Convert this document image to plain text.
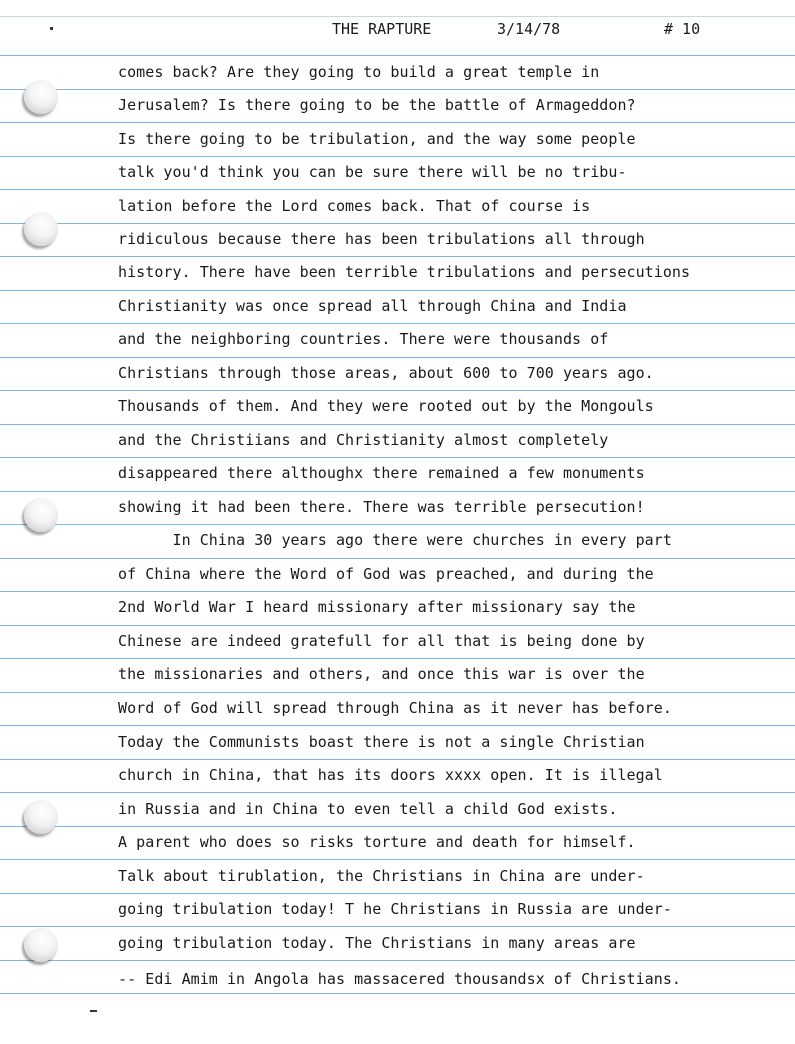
THE RAPTURE

	3/14/78

	# 10

comes back? Are they going to build a great temple in
Jerusalem? Is there going to be the battle of Armageddon?
Is there going to be tribulation, and the way some people
talk you'd think you can be sure there will be no tribu-
lation before the Lord comes back. That of course is
ridiculous because there has been tribulations all through
history. There have been terrible tribulations and persecutions
Christianity was once spread all through China and India
and the neighboring countries. There were thousands of
Christians through those areas, about 600 to 700 years ago.
Thousands of them. And they were rooted out by the Mongouls
and the Christiians and Christianity almost completely
disappeared there althoughx there remained a few monuments
showing it had been there. There was terrible persecution!
In China 30 years ago there were churches in every part
of China where the Word of God was preached, and during the
2nd World War I heard missionary after missionary say the
Chinese are indeed gratefull for all that is being done by
the missionaries and others, and once this war is over the
Word of God will spread through China as it never has before.
Today the Communists boast there is not a single Christian
church in China, that has its doors xxxx open. It is illegal
in Russia and in China to even tell a child God exists.
A parent who does so risks torture and death for himself.
Talk about tirublation, the Christians in China are under-
going tribulation today! T he Christians in Russia are under-
going tribulation today. The Christians in many areas are
-- Edi Amim in Angola has massacered thousandsx of Christians.
